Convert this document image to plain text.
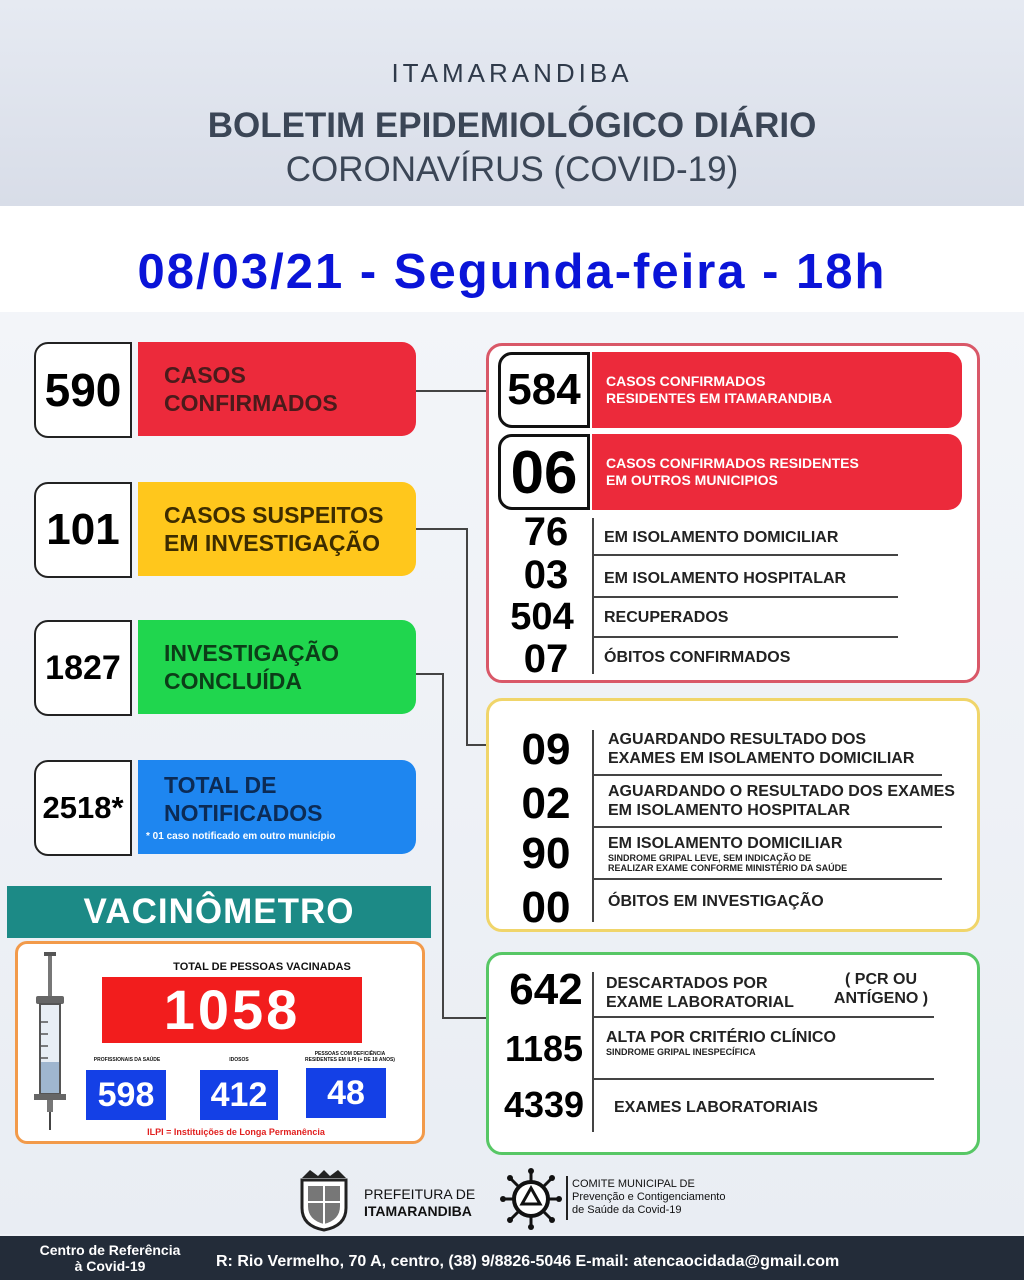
ITAMARANDIBA
BOLETIM EPIDEMIOLÓGICO DIÁRIO
CORONAVÍRUS (COVID-19)
08/03/21 - Segunda-feira - 18h
590	CASOS
CONFIRMADOS
101	CASOS SUSPEITOS
EM INVESTIGAÇÃO
1827	INVESTIGAÇÃO
CONCLUÍDA
2518*
TOTAL DE
NOTIFICADOS
* 01 caso notificado em outro município
584	CASOS CONFIRMADOS
RESIDENTES EM ITAMARANDIBA
06	CASOS CONFIRMADOS RESIDENTES
EM OUTROS MUNICIPIOS
76	EM ISOLAMENTO DOMICILIAR
03	EM ISOLAMENTO HOSPITALAR
504	RECUPERADOS
07	ÓBITOS CONFIRMADOS
09	AGUARDANDO RESULTADO DOS
EXAMES EM ISOLAMENTO DOMICILIAR
02	AGUARDANDO O RESULTADO DOS EXAMES
EM ISOLAMENTO HOSPITALAR
90	EM ISOLAMENTO DOMICILIAR
SINDROME GRIPAL LEVE, SEM INDICAÇÃO DE
REALIZAR EXAME CONFORME MINISTÉRIO DA SAÚDE
00	ÓBITOS EM INVESTIGAÇÃO
642	DESCARTADOS POR
EXAME LABORATORIAL
( PCR OU
ANTÍGENO )
1185	ALTA POR CRITÉRIO CLÍNICO
SINDROME GRIPAL INESPECÍFICA
4339	EXAMES LABORATORIAIS
VACINÔMETRO
TOTAL DE PESSOAS VACINADAS
1058
PROFISSIONAIS DA SAÚDE
598
IDOSOS
412
PESSOAS COM DEFICIÊNCIA RESIDENTES EM ILPI (+ DE 18 ANOS)
48
ILPI = Instituições de Longa Permanência
PREFEITURA DE
ITAMARANDIBA
COMITE MUNICIPAL DE
Prevenção e Contigenciamento
de Saúde da Covid-19
Centro de Referência
à Covid-19	R: Rio Vermelho, 70 A, centro, (38) 9/8826-5046 E-mail: atencaocidada@gmail.com
